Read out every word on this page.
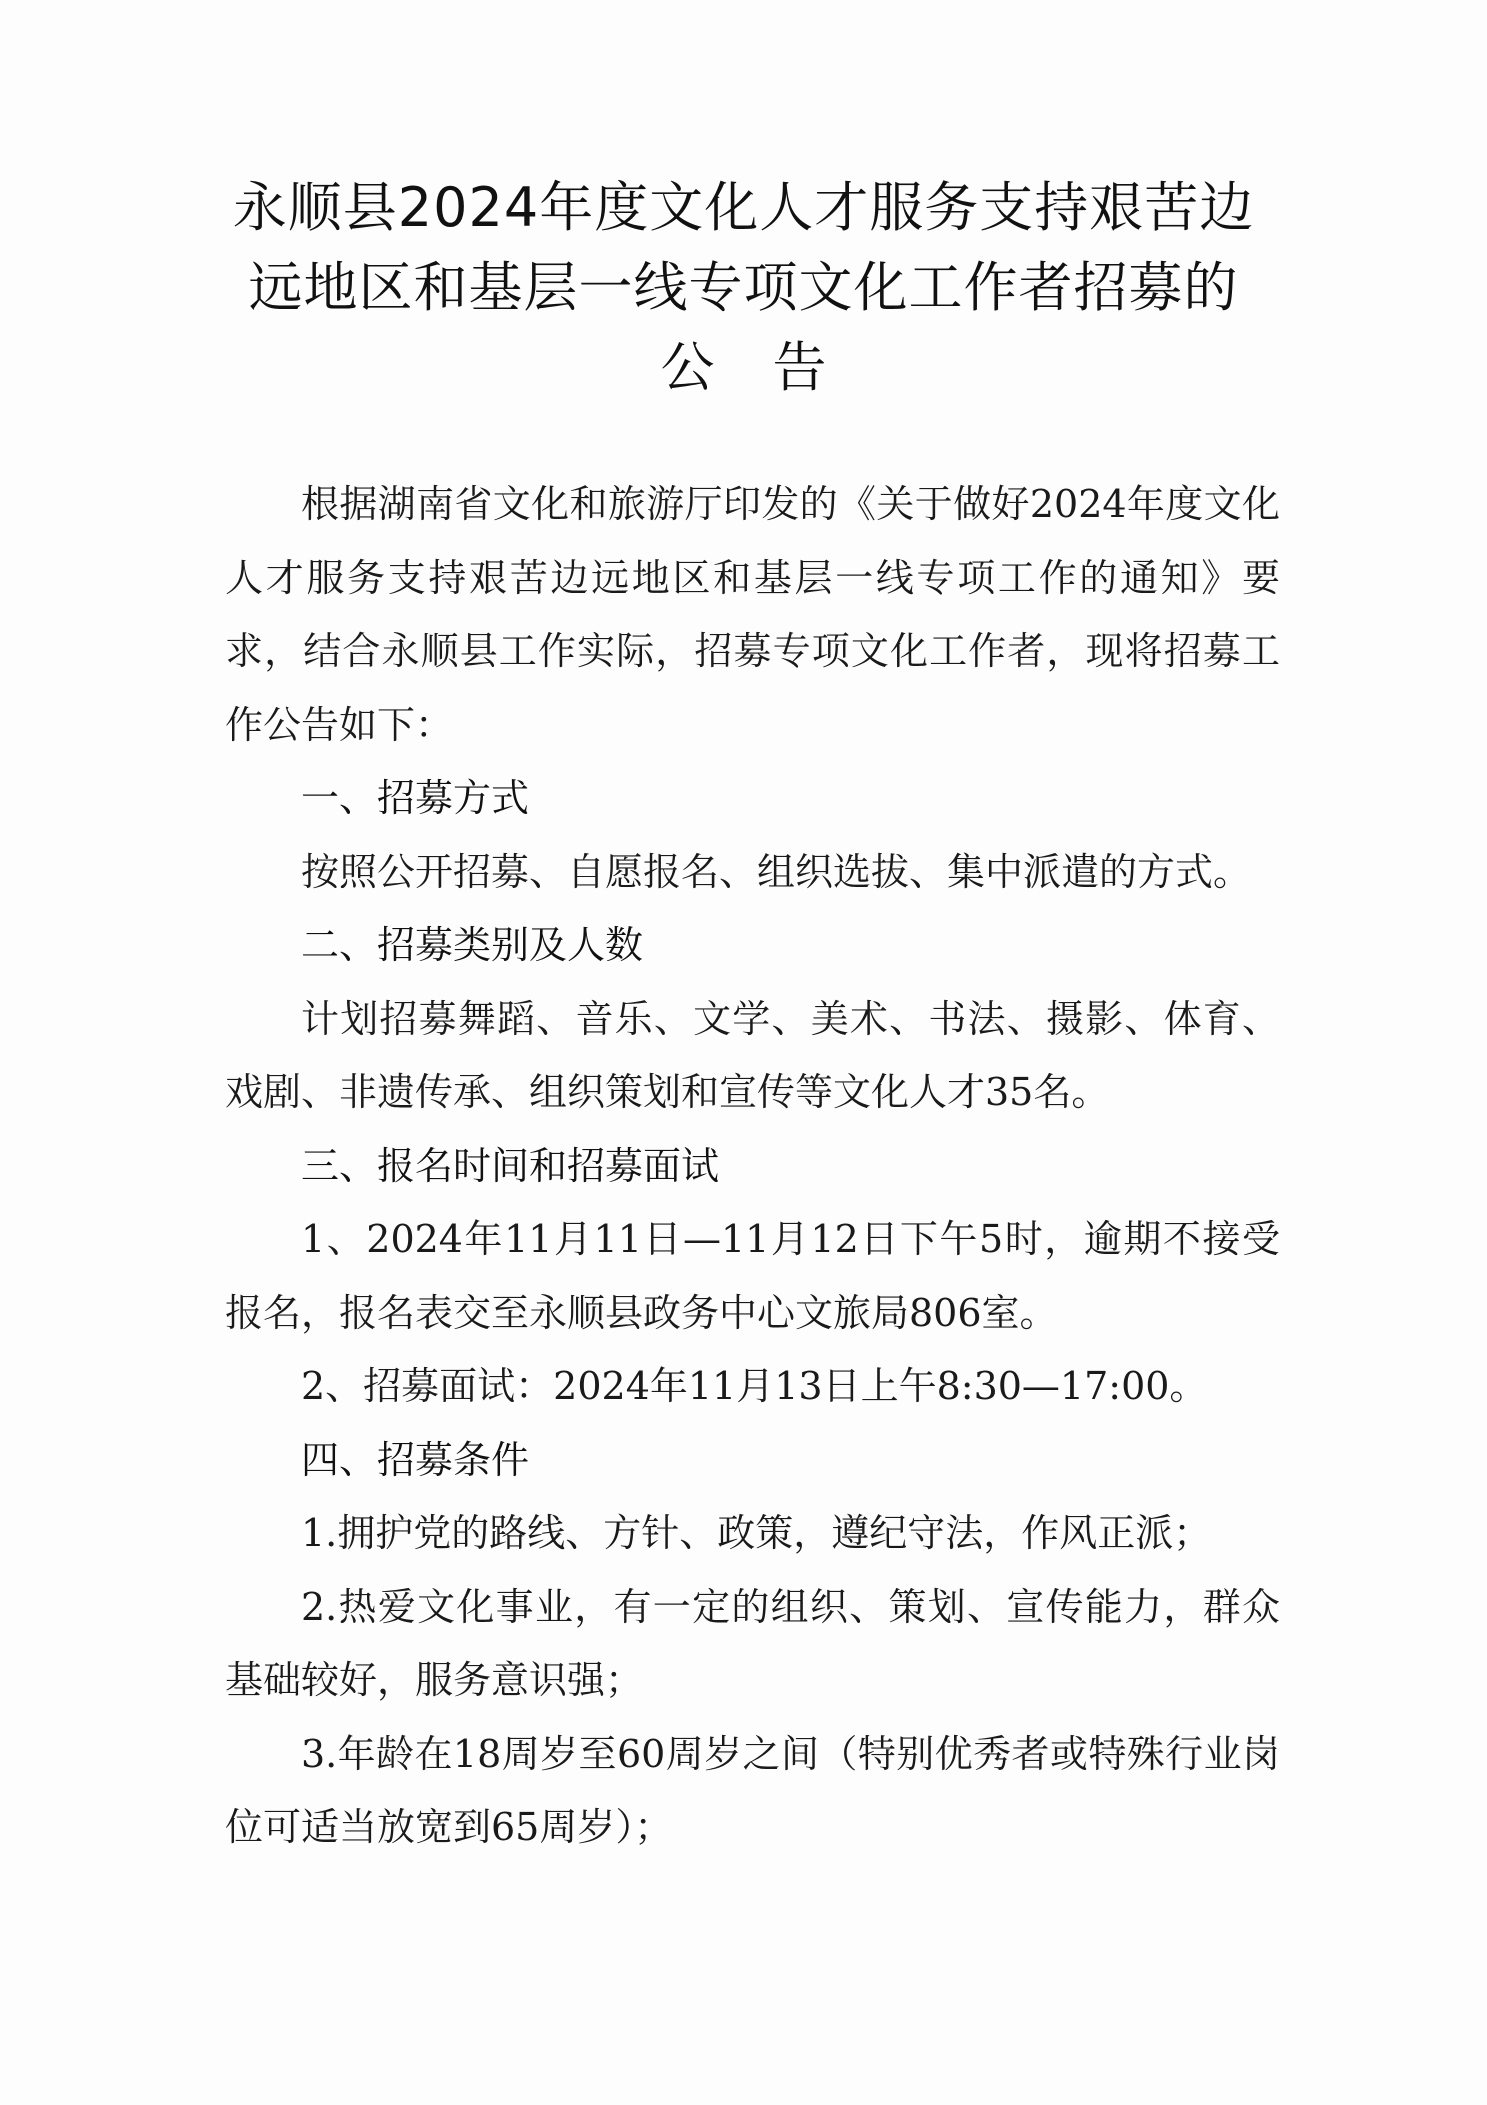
永顺县2024年度文化人才服务支持艰苦边
远地区和基层一线专项文化工作者招募的
公告

根据湖南省文化和旅游厅印发的《关于做好2024年度文化人才服务支持艰苦边远地区和基层一线专项工作的通知》要求，结合永顺县工作实际，招募专项文化工作者，现将招募工作公告如下：

一、招募方式

按照公开招募、自愿报名、组织选拔、集中派遣的方式。

二、招募类别及人数

计划招募舞蹈、音乐、文学、美术、书法、摄影、体育、戏剧、非遗传承、组织策划和宣传等文化人才35名。

三、报名时间和招募面试

1、2024年11月11日—11月12日下午5时，逾期不接受报名，报名表交至永顺县政务中心文旅局806室。

2、招募面试：2024年11月13日上午8:30—17:00。

四、招募条件

1.拥护党的路线、方针、政策，遵纪守法，作风正派；

2.热爱文化事业，有一定的组织、策划、宣传能力，群众基础较好，服务意识强；

3.年龄在18周岁至60周岁之间（特别优秀者或特殊行业岗位可适当放宽到65周岁）；
